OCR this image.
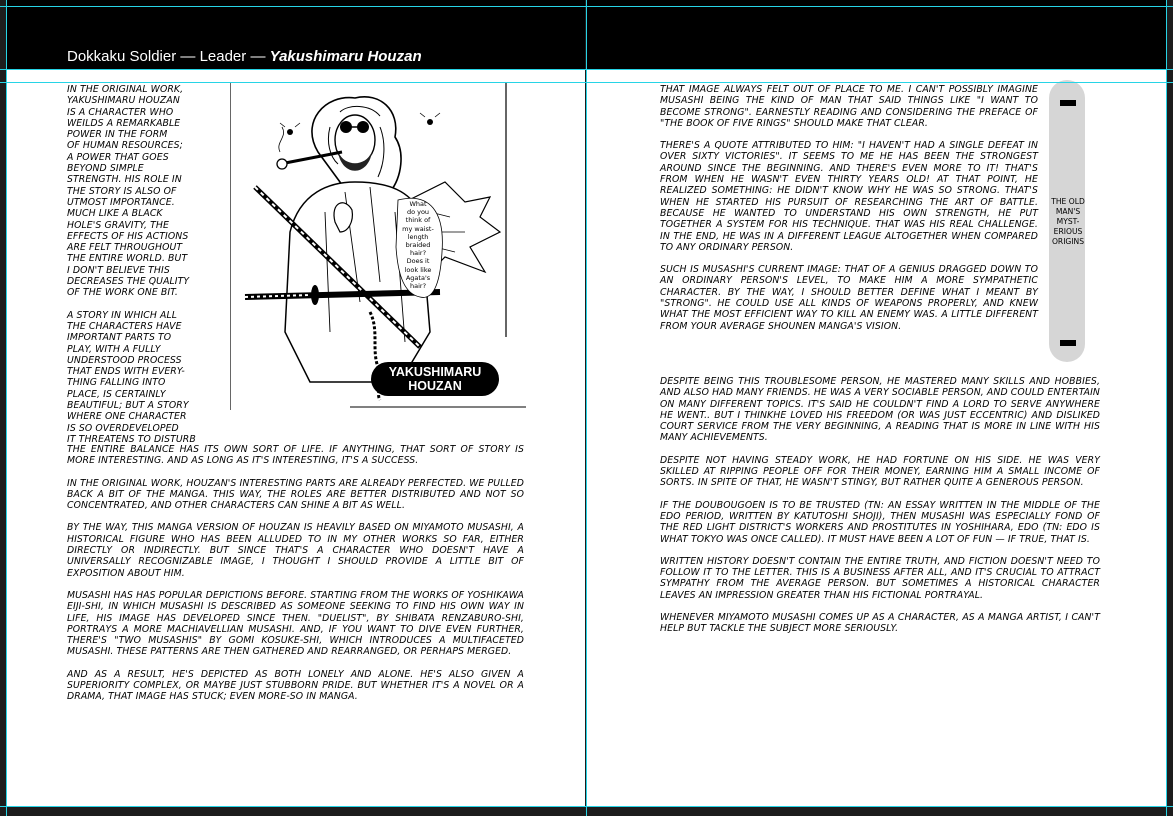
Dokkaku Soldier — Leader — Yakushimaru Houzan
What
do you
think of
my waist-
length
braided
hair?
Does it
look like
Agata's
hair?
YAKUSHIMARU
HOUZAN
IN THE ORIGINAL WORK,
YAKUSHIMARU HOUZAN
IS A CHARACTER WHO
WEILDS A REMARKABLE
POWER IN THE FORM
OF HUMAN RESOURCES;
A POWER THAT GOES
BEYOND SIMPLE
STRENGTH. HIS ROLE IN
THE STORY IS ALSO OF
UTMOST IMPORTANCE.
MUCH LIKE A BLACK
HOLE'S GRAVITY, THE
EFFECTS OF HIS ACTIONS
ARE FELT THROUGHOUT
THE ENTIRE WORLD. BUT
I DON'T BELIEVE THIS
DECREASES THE QUALITY
OF THE WORK ONE BIT.
A STORY IN WHICH ALL
THE CHARACTERS HAVE
IMPORTANT PARTS TO
PLAY, WITH A FULLY
UNDERSTOOD PROCESS
THAT ENDS WITH EVERY-
THING FALLING INTO
PLACE, IS CERTAINLY
BEAUTIFUL; BUT A STORY
WHERE ONE CHARACTER
IS SO OVERDEVELOPED
IT THREATENS TO DISTURB

THE ENTIRE BALANCE HAS ITS OWN SORT OF LIFE. IF ANYTHING, THAT SORT OF STORY IS MORE INTERESTING. AND AS LONG AS IT'S INTERESTING, IT'S A SUCCESS.

IN THE ORIGINAL WORK, HOUZAN'S INTERESTING PARTS ARE ALREADY PERFECTED. WE PULLED BACK A BIT OF THE MANGA. THIS WAY, THE ROLES ARE BETTER DISTRIBUTED AND NOT SO CONCENTRATED, AND OTHER CHARACTERS CAN SHINE A BIT AS WELL.

BY THE WAY, THIS MANGA VERSION OF HOUZAN IS HEAVILY BASED ON MIYAMOTO MUSASHI, A HISTORICAL FIGURE WHO HAS BEEN ALLUDED TO IN MY OTHER WORKS SO FAR, EITHER DIRECTLY OR INDIRECTLY. BUT SINCE THAT'S A CHARACTER WHO DOESN'T HAVE A UNIVERSALLY RECOGNIZABLE IMAGE, I THOUGHT I SHOULD PROVIDE A LITTLE BIT OF EXPOSITION ABOUT HIM.

MUSASHI HAS HAS POPULAR DEPICTIONS BEFORE. STARTING FROM THE WORKS OF YOSHIKAWA EIJI-SHI, IN WHICH MUSASHI IS DESCRIBED AS SOMEONE SEEKING TO FIND HIS OWN WAY IN LIFE, HIS IMAGE HAS DEVELOPED SINCE THEN. "DUELIST", BY SHIBATA RENZABURO-SHI, PORTRAYS A MORE MACHIAVELLIAN MUSASHI. AND, IF YOU WANT TO DIVE EVEN FURTHER, THERE'S "TWO MUSASHIS" BY GOMI KOSUKE-SHI, WHICH INTRODUCES A MULTIFACETED MUSASHI. THESE PATTERNS ARE THEN GATHERED AND REARRANGED, OR PERHAPS MERGED.

AND AS A RESULT, HE'S DEPICTED AS BOTH LONELY AND ALONE. HE'S ALSO GIVEN A SUPERIORITY COMPLEX, OR MAYBE JUST STUBBORN PRIDE. BUT WHETHER IT'S A NOVEL OR A DRAMA, THAT IMAGE HAS STUCK; EVEN MORE-SO IN MANGA.

THE OLD
MAN'S
MYST-
ERIOUS
ORIGINS

THAT IMAGE ALWAYS FELT OUT OF PLACE TO ME. I CAN'T POSSIBLY IMAGINE MUSASHI BEING THE KIND OF MAN THAT SAID THINGS LIKE "I WANT TO BECOME STRONG". EARNESTLY READING AND CONSIDERING THE PREFACE OF "THE BOOK OF FIVE RINGS" SHOULD MAKE THAT CLEAR.

THERE'S A QUOTE ATTRIBUTED TO HIM: "I HAVEN'T HAD A SINGLE DEFEAT IN OVER SIXTY VICTORIES". IT SEEMS TO ME HE HAS BEEN THE STRONGEST AROUND SINCE THE BEGINNING. AND THERE'S EVEN MORE TO IT! THAT'S FROM WHEN HE WASN'T EVEN THIRTY YEARS OLD! AT THAT POINT, HE REALIZED SOMETHING: HE DIDN'T KNOW WHY HE WAS SO STRONG. THAT'S WHEN HE STARTED HIS PURSUIT OF RESEARCHING THE ART OF BATTLE. BECAUSE HE WANTED TO UNDERSTAND HIS OWN STRENGTH, HE PUT TOGETHER A SYSTEM FOR HIS TECHNIQUE. THAT WAS HIS REAL CHALLENGE. IN THE END, HE WAS IN A DIFFERENT LEAGUE ALTOGETHER WHEN COMPARED TO ANY ORDINARY PERSON.

SUCH IS MUSASHI'S CURRENT IMAGE: THAT OF A GENIUS DRAGGED DOWN TO AN ORDINARY PERSON'S LEVEL, TO MAKE HIM A MORE SYMPATHETIC CHARACTER. BY THE WAY, I SHOULD BETTER DEFINE WHAT I MEANT BY "STRONG". HE COULD USE ALL KINDS OF WEAPONS PROPERLY, AND KNEW WHAT THE MOST EFFICIENT WAY TO KILL AN ENEMY WAS. A LITTLE DIFFERENT FROM YOUR AVERAGE SHOUNEN MANGA'S VISION.

DESPITE BEING THIS TROUBLESOME PERSON, HE MASTERED MANY SKILLS AND HOBBIES, AND ALSO HAD MANY FRIENDS. HE WAS A VERY SOCIABLE PERSON, AND COULD ENTERTAIN ON MANY DIFFERENT TOPICS. IT'S SAID HE COULDN'T FIND A LORD TO SERVE ANYWHERE HE WENT.. BUT I THINKHE LOVED HIS FREEDOM (OR WAS JUST ECCENTRIC) AND DISLIKED COURT SERVICE FROM THE VERY BEGINNING, A READING THAT IS MORE IN LINE WITH HIS MANY ACHIEVEMENTS.

DESPITE NOT HAVING STEADY WORK, HE HAD FORTUNE ON HIS SIDE. HE WAS VERY SKILLED AT RIPPING PEOPLE OFF FOR THEIR MONEY, EARNING HIM A SMALL INCOME OF SORTS. IN SPITE OF THAT, HE WASN'T STINGY, BUT RATHER QUITE A GENEROUS PERSON.

IF THE DOUBOUGOEN IS TO BE TRUSTED (TN: AN ESSAY WRITTEN IN THE MIDDLE OF THE EDO PERIOD, WRITTEN BY KATUTOSHI SHOJI), THEN MUSASHI WAS ESPECIALLY FOND OF THE RED LIGHT DISTRICT'S WORKERS AND PROSTITUTES IN YOSHIHARA, EDO (TN: EDO IS WHAT TOKYO WAS ONCE CALLED). IT MUST HAVE BEEN A LOT OF FUN — IF TRUE, THAT IS.

WRITTEN HISTORY DOESN'T CONTAIN THE ENTIRE TRUTH, AND FICTION DOESN'T NEED TO FOLLOW IT TO THE LETTER. THIS IS A BUSINESS AFTER ALL, AND IT'S CRUCIAL TO ATTRACT SYMPATHY FROM THE AVERAGE PERSON. BUT SOMETIMES A HISTORICAL CHARACTER LEAVES AN IMPRESSION GREATER THAN HIS FICTIONAL PORTRAYAL.

WHENEVER MIYAMOTO MUSASHI COMES UP AS A CHARACTER, AS A MANGA ARTIST, I CAN'T HELP BUT TACKLE THE SUBJECT MORE SERIOUSLY.
